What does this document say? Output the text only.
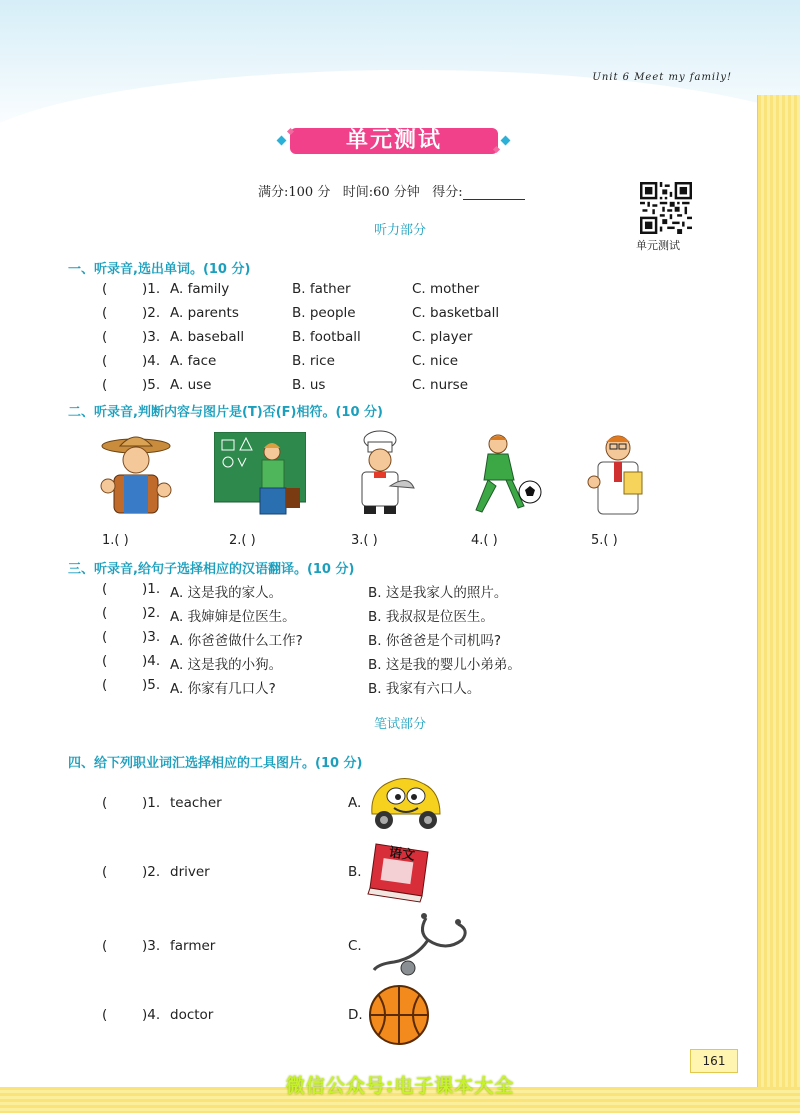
Unit 6 Meet my family!
单元测试
满分:100 分 时间:60 分钟 得分:
单元测试
听力部分
一、听录音,选出单词。(10 分)
(	)1. A. family	B. father	C. mother
(	)2. A. parents	B. people	C. basketball
(	)3. A. baseball	B. football	C. player
(	)4. A. face	B. rice	C. nice
(	)5. A. use	B. us	C. nurse
二、听录音,判断内容与图片是(T)否(F)相符。(10 分)
1.( )	2.( )	3.( )	4.( )	5.( )
三、听录音,给句子选择相应的汉语翻译。(10 分)
(	)1. A. 这是我的家人。	B. 这是我家人的照片。
(	)2. A. 我婶婶是位医生。	B. 我叔叔是位医生。
(	)3. A. 你爸爸做什么工作?	B. 你爸爸是个司机吗?
(	)4. A. 这是我的小狗。	B. 这是我的婴儿小弟弟。
(	)5. A. 你家有几口人?	B. 我家有六口人。
笔试部分
四、给下列职业词汇选择相应的工具图片。(10 分)
(	)1. teacher	A.
(	)2. driver	B.
(	)3. farmer	C.
(	)4. doctor	D.
语文
161
微信公众号:电子课本大全
